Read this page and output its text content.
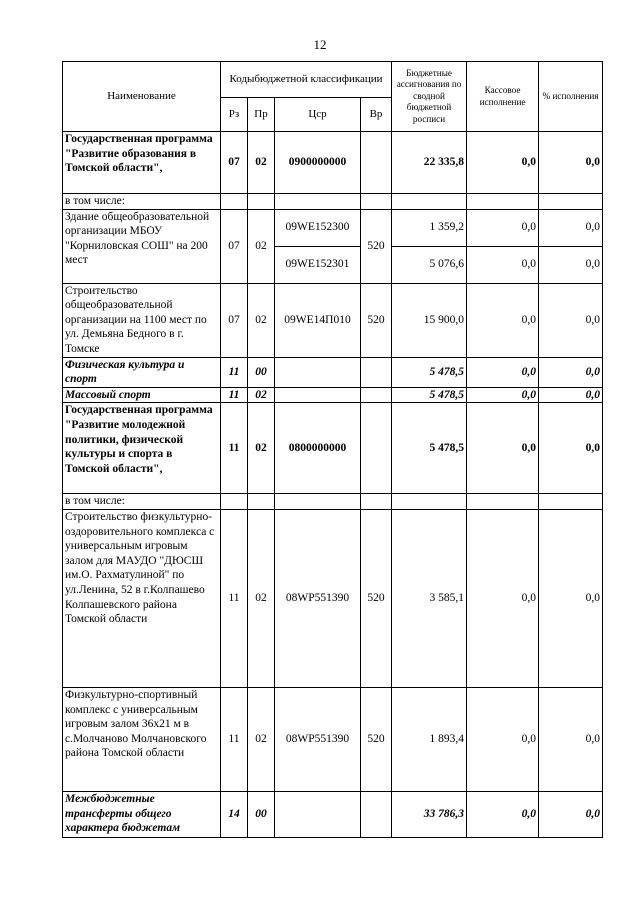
12
Наименование	Кодыбюджетной классификации				Бюджетные ассигнования по сводной бюджетной росписи	Кассовое исполнение	% исполнения
	Рз	Пр	Цср	Вр			
Государственная программа "Развитие образования в Томской области",	07	02	0900000000		22 335,8	0,0	0,0
в том числе:							
Здание общеобразовательной организации МБОУ "Корниловская СОШ" на 200 мест	07	02	09WE152300	520	1 359,2	0,0	0,0
			09WE152301		5 076,6	0,0	0,0
Строительство общеобразовательной организации на 1100 мест по ул. Демьяна Бедного в г. Томске	07	02	09WE14П010	520	15 900,0	0,0	0,0
Физическая культура и спорт	11	00			5 478,5	0,0	0,0
Массовый спорт	11	02			5 478,5	0,0	0,0
Государственная программа "Развитие молодежной политики, физической культуры и спорта в Томской области",	11	02	0800000000		5 478,5	0,0	0,0
в том числе:							
Строительство физкультурно-оздоровительного комплекса с универсальным игровым залом для МАУДО "ДЮСШ им.О. Рахматулиной" по ул.Ленина, 52 в г.Колпашево Колпашевского района Томской области	11	02	08WP551390	520	3 585,1	0,0	0,0
Физкультурно-спортивный комплекс с универсальным игровым залом 36х21 м в с.Молчаново Молчановского района Томской области	11	02	08WP551390	520	1 893,4	0,0	0,0
Межбюджетные трансферты общего характера бюджетам	14	00			33 786,3	0,0	0,0
